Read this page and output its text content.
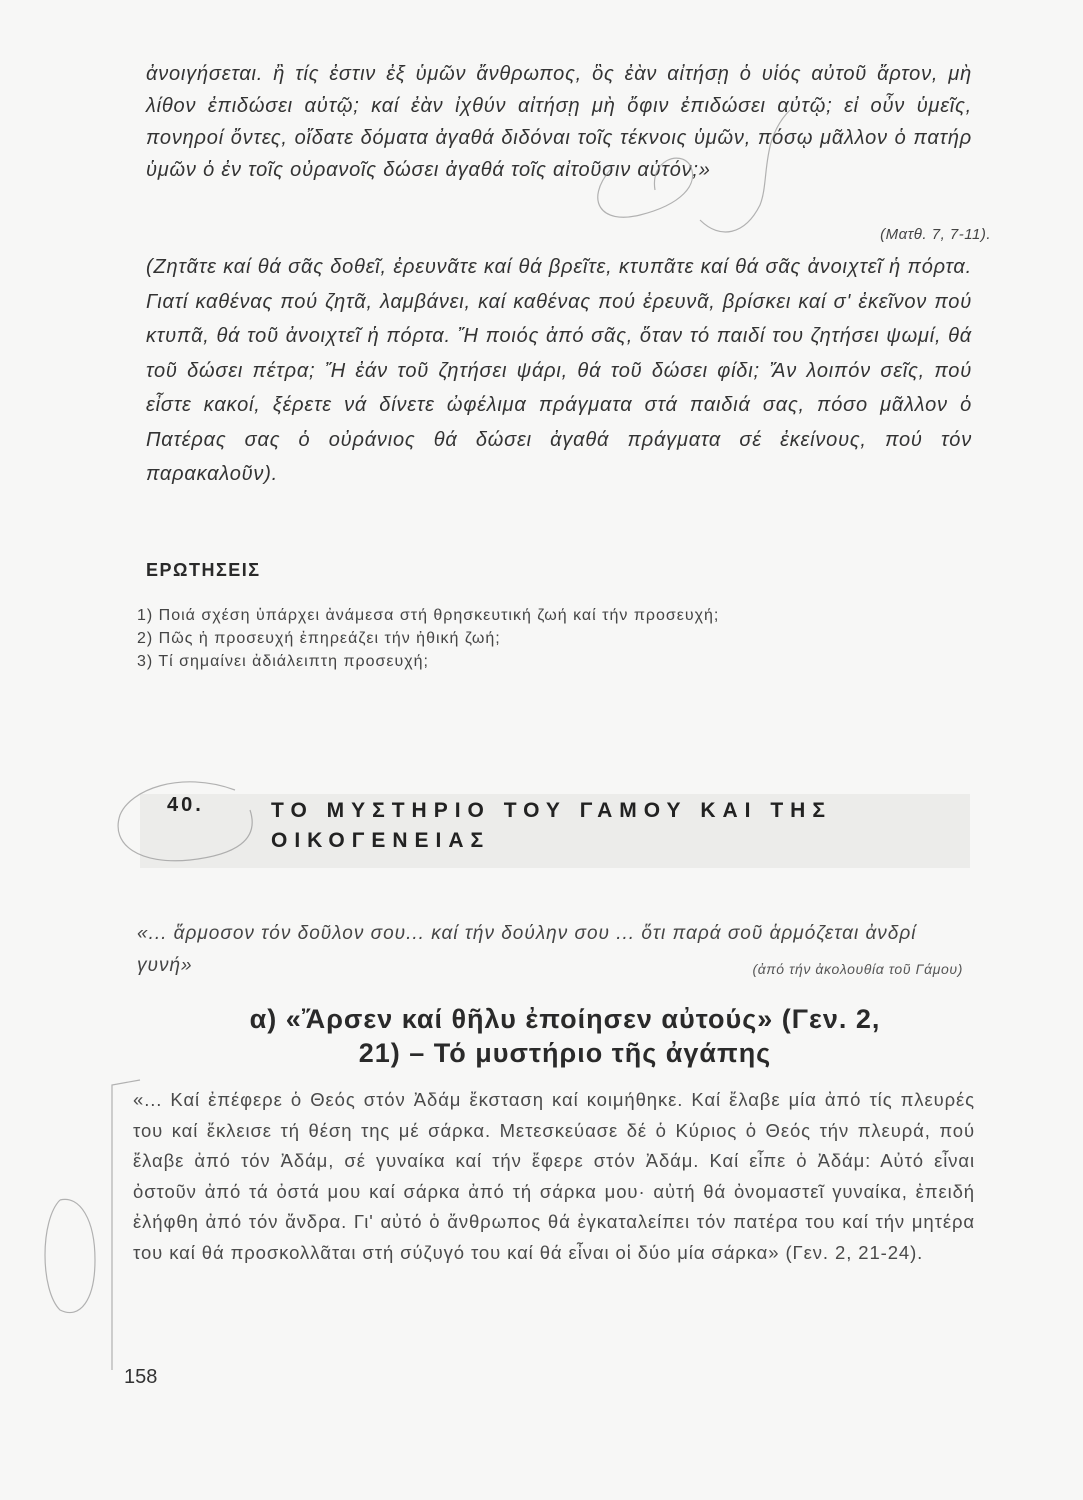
ἀνοιγήσεται. ἢ τίς ἐστιν ἐξ ὑμῶν ἄνθρωπος, ὃς ἐὰν αἰτήσῃ ὁ υἱός αὐτοῦ ἄρτον, μὴ λίθον ἐπιδώσει αὐτῷ; καί ἐὰν ἰχθύν αἰτήσῃ μὴ ὄφιν ἐπιδώσει αὐτῷ; εἰ οὖν ὑμεῖς, πονηροί ὄντες, οἴδατε δόματα ἀγαθά διδόναι τοῖς τέκνοις ὑμῶν, πόσῳ μᾶλλον ὁ πατήρ ὑμῶν ὁ ἐν τοῖς οὐρανοῖς δώσει ἀγαθά τοῖς αἰτοῦσιν αὐτόν;»
(Ματθ. 7, 7-11).
(Ζητᾶτε καί θά σᾶς δοθεῖ, ἐρευνᾶτε καί θά βρεῖτε, κτυπᾶτε καί θά σᾶς ἀνοιχτεῖ ἡ πόρτα. Γιατί καθένας πού ζητᾶ, λαμβάνει, καί καθένας πού ἐρευνᾶ, βρίσκει καί σ' ἐκεῖνον πού κτυπᾶ, θά τοῦ ἀνοιχτεῖ ἡ πόρτα. Ἤ ποιός ἀπό σᾶς, ὅταν τό παιδί του ζητήσει ψωμί, θά τοῦ δώσει πέτρα; Ἤ ἐάν τοῦ ζητήσει ψάρι, θά τοῦ δώσει φίδι; Ἄν λοιπόν σεῖς, πού εἶστε κακοί, ξέρετε νά δίνετε ὠφέλιμα πράγματα στά παιδιά σας, πόσο μᾶλλον ὁ Πατέρας σας ὁ οὐράνιος θά δώσει ἀγαθά πράγματα σέ ἐκείνους, πού τόν παρακαλοῦν).
ΕΡΩΤΗΣΕΙΣ
1) Ποιά σχέση ὑπάρχει ἀνάμεσα στή θρησκευτική ζωή καί τήν προσευχή;
2) Πῶς ἡ προσευχή ἐπηρεάζει τήν ἠθική ζωή;
3) Τί σημαίνει ἀδιάλειπτη προσευχή;
40.	ΤΟ ΜΥΣΤΗΡΙΟ ΤΟΥ ΓΑΜΟΥ ΚΑΙ ΤΗΣ
ΟΙΚΟΓΕΝΕΙΑΣ
«... ἅρμοσον τόν δοῦλον σου... καί τήν δούλην σου ... ὅτι παρά σοῦ ἁρμόζεται ἀνδρί γυνή»	(ἀπό τήν ἀκολουθία τοῦ Γάμου)
α) «Ἄρσεν καί θῆλυ ἐποίησεν αὐτούς» (Γεν. 2,
21) – Τό μυστήριο τῆς ἀγάπης
«... Καί ἐπέφερε ὁ Θεός στόν Ἀδάμ ἔκσταση καί κοιμήθηκε. Καί ἔλαβε μία ἀπό τίς πλευρές του καί ἔκλεισε τή θέση της μέ σάρκα. Μετεσκεύασε δέ ὁ Κύριος ὁ Θεός τήν πλευρά, πού ἔλαβε ἀπό τόν Ἀδάμ, σέ γυναίκα καί τήν ἔφερε στόν Ἀδάμ. Καί εἶπε ὁ Ἀδάμ: Αὐτό εἶναι ὀστοῦν ἀπό τά ὀστά μου καί σάρκα ἀπό τή σάρκα μου· αὐτή θά ὀνομαστεῖ γυναίκα, ἐπειδή ἐλήφθη ἀπό τόν ἄνδρα. Γι' αὐτό ὁ ἄνθρωπος θά ἐγκαταλείπει τόν πατέρα του καί τήν μητέρα του καί θά προσκολλᾶται στή σύζυγό του καί θά εἶναι οἱ δύο μία σάρκα» (Γεν. 2, 21-24).
158
